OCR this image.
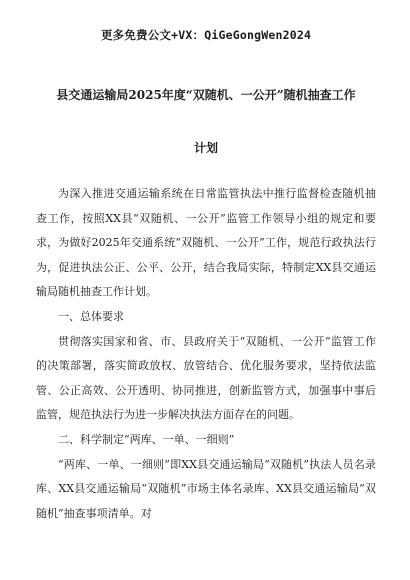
更多免费公文+VX：QiGeGongWen2024
县交通运输局2025年度“双随机、一公开”随机抽查工作
计划

为深入推进交通运输系统在日常监管执法中推行监督检查随机抽查工作，按照XX县“双随机、一公开”监管工作领导小组的规定和要求，为做好2025年交通系统“双随机、一公开”工作，规范行政执法行为，促进执法公正、公平、公开，结合我局实际，特制定XX县交通运输局随机抽查工作计划。

一、总体要求

贯彻落实国家和省、市、县政府关于“双随机、一公开”监管工作的决策部署，落实简政放权、放管结合、优化服务要求，坚持依法监管、公正高效、公开透明、协同推进，创新监管方式，加强事中事后监管，规范执法行为进一步解决执法方面存在的问题。

二、科学制定“两库、一单、一细则”

“两库、一单、一细则”即XX县交通运输局“双随机”执法人员名录库、XX县交通运输局“双随机”市场主体名录库、XX县交通运输局“双随机”抽查事项清单。对
